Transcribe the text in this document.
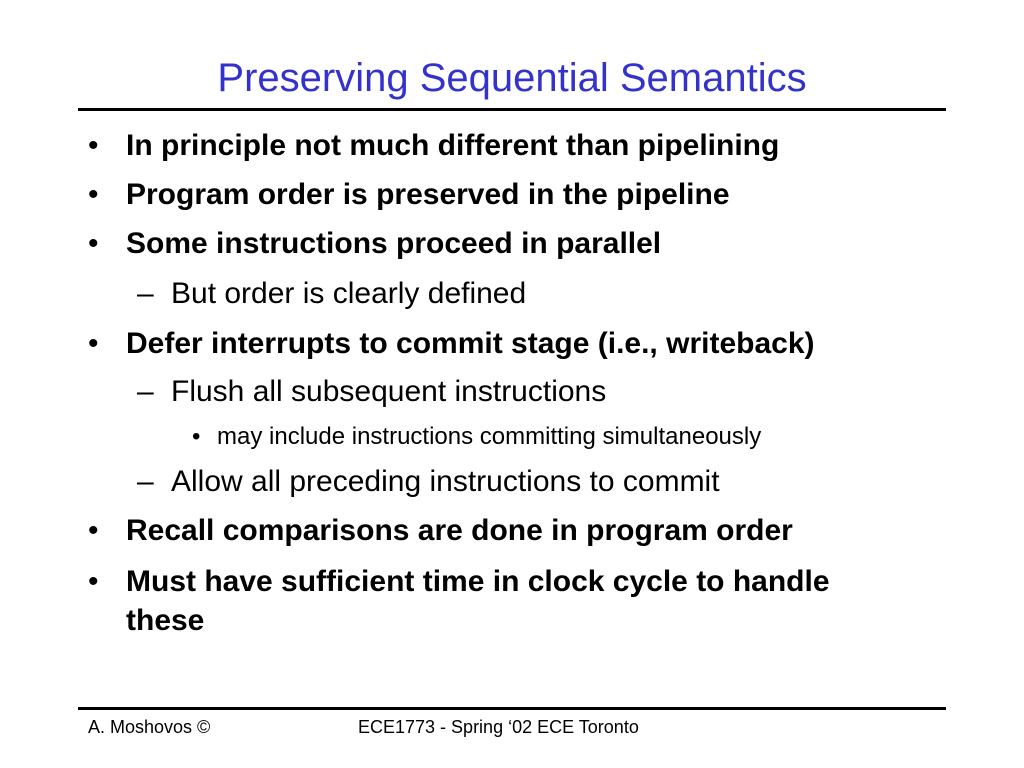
Preserving Sequential Semantics
• In principle not much different than pipelining
• Program order is preserved in the pipeline
• Some instructions proceed in parallel
– But order is clearly defined
• Defer interrupts to commit stage (i.e., writeback)
– Flush all subsequent instructions
• may include instructions committing simultaneously
– Allow all preceding instructions to commit
• Recall comparisons are done in program order
• Must have sufficient time in clock cycle to handle
these
A. Moshovos ©	ECE1773 - Spring ‘02 ECE Toronto
